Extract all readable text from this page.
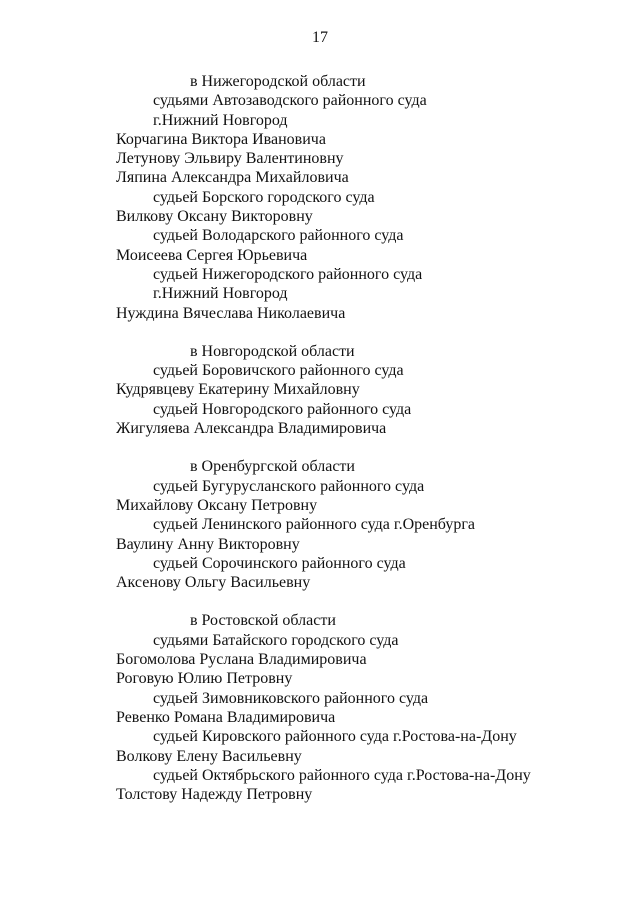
17
в Нижегородской области
судьями Автозаводского районного суда
г.Нижний Новгород
Корчагина Виктора Ивановича
Летунову Эльвиру Валентиновну
Ляпина Александра Михайловича
судьей Борского городского суда
Вилкову Оксану Викторовну
судьей Володарского районного суда
Моисеева Сергея Юрьевича
судьей Нижегородского районного суда
г.Нижний Новгород
Нуждина Вячеслава Николаевича
в Новгородской области
судьей Боровичского районного суда
Кудрявцеву Екатерину Михайловну
судьей Новгородского районного суда
Жигуляева Александра Владимировича
в Оренбургской области
судьей Бугурусланского районного суда
Михайлову Оксану Петровну
судьей Ленинского районного суда г.Оренбурга
Ваулину Анну Викторовну
судьей Сорочинского районного суда
Аксенову Ольгу Васильевну
в Ростовской области
судьями Батайского городского суда
Богомолова Руслана Владимировича
Роговую Юлию Петровну
судьей Зимовниковского районного суда
Ревенко Романа Владимировича
судьей Кировского районного суда г.Ростова-на-Дону
Волкову Елену Васильевну
судьей Октябрьского районного суда г.Ростова-на-Дону
Толстову Надежду Петровну
